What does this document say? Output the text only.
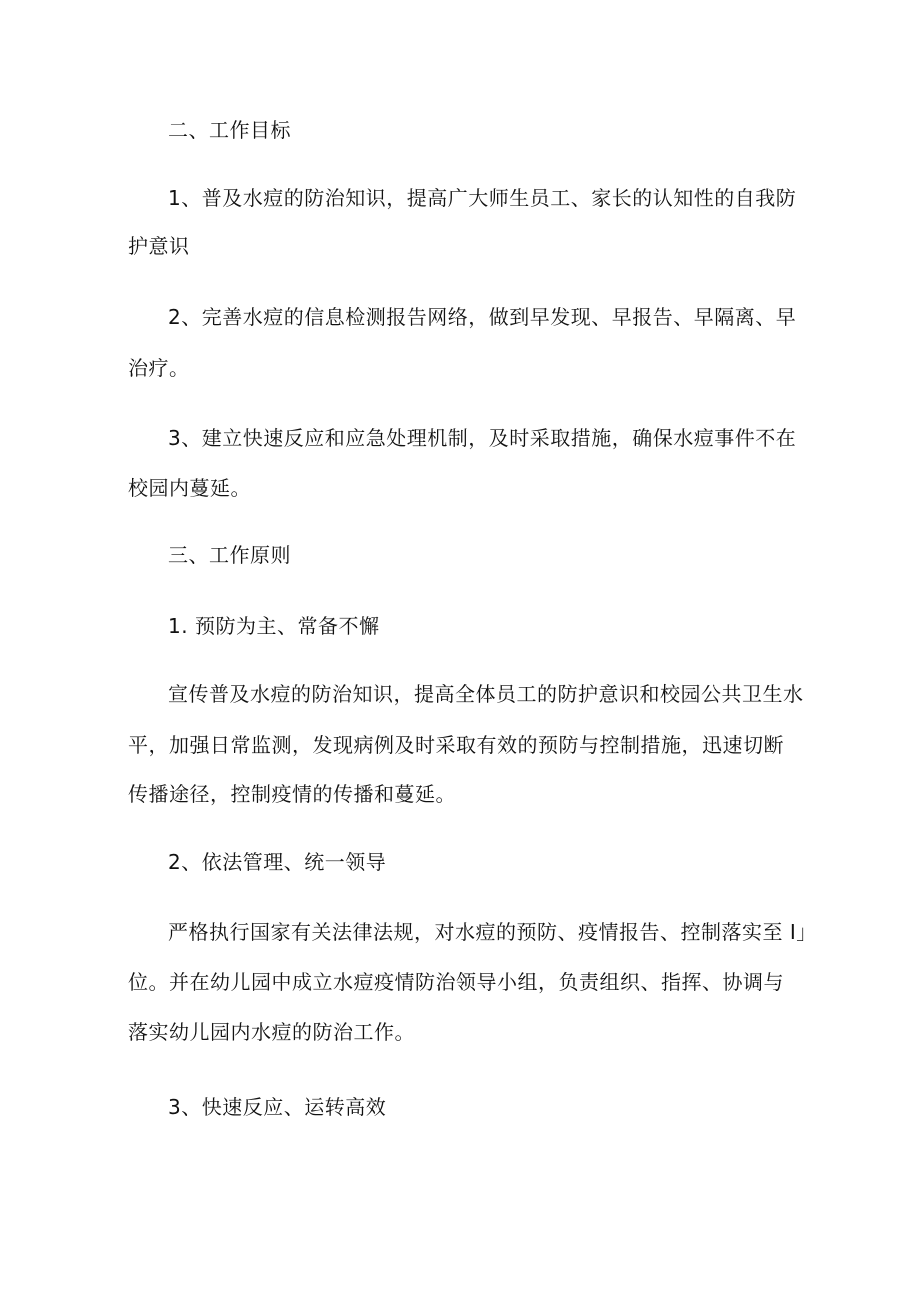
二、工作目标
1、普及水痘的防治知识，提高广大师生员工、家长的认知性的自我防
护意识
2、完善水痘的信息检测报告网络，做到早发现、早报告、早隔离、早
治疗。
3、建立快速反应和应急处理机制，及时采取措施，确保水痘事件不在
校园内蔓延。
三、工作原则
1. 预防为主、常备不懈
宣传普及水痘的防治知识，提高全体员工的防护意识和校园公共卫生水
平，加强日常监测，发现病例及时采取有效的预防与控制措施，迅速切断
传播途径，控制疫情的传播和蔓延。
2、依法管理、统一领导
严格执行国家有关法律法规，对水痘的预防、疫情报告、控制落实至 I」
位。并在幼儿园中成立水痘疫情防治领导小组，负责组织、指挥、协调与
落实幼儿园内水痘的防治工作。
3、快速反应、运转高效
